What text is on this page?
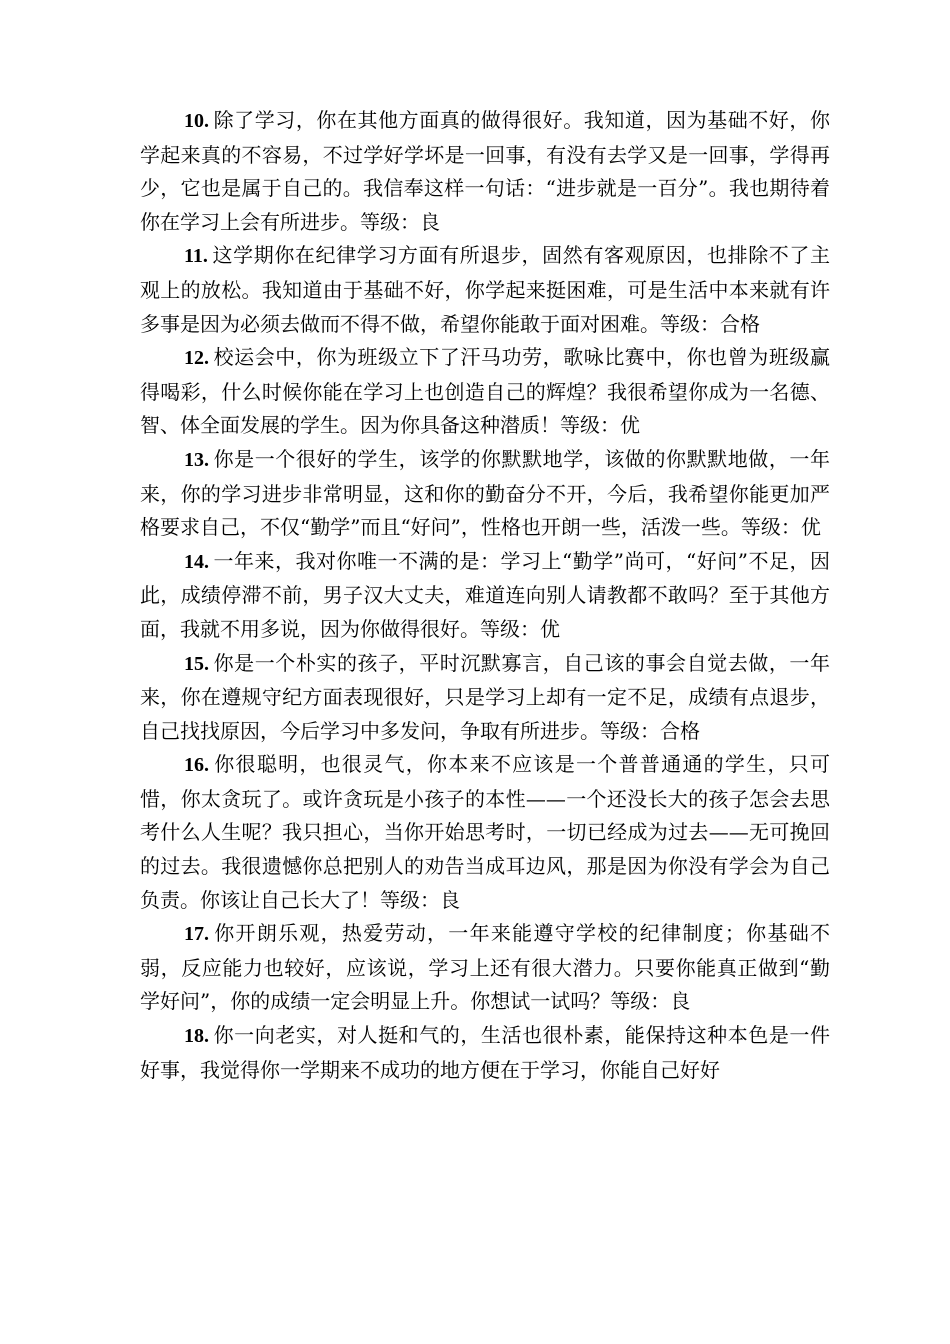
10. 除了学习，你在其他方面真的做得很好。我知道，因为基础不好，你学起来真的不容易，不过学好学坏是一回事，有没有去学又是一回事，学得再少，它也是属于自己的。我信奉这样一句话：“进步就是一百分”。我也期待着你在学习上会有所进步。等级：良

11. 这学期你在纪律学习方面有所退步，固然有客观原因，也排除不了主观上的放松。我知道由于基础不好，你学起来挺困难，可是生活中本来就有许多事是因为必须去做而不得不做，希望你能敢于面对困难。等级：合格

12. 校运会中，你为班级立下了汗马功劳，歌咏比赛中，你也曾为班级赢得喝彩，什么时候你能在学习上也创造自己的辉煌？我很希望你成为一名德、智、体全面发展的学生。因为你具备这种潜质！等级：优

13. 你是一个很好的学生，该学的你默默地学，该做的你默默地做，一年来，你的学习进步非常明显，这和你的勤奋分不开，今后，我希望你能更加严格要求自己，不仅“勤学”而且“好问”，性格也开朗一些，活泼一些。等级：优

14. 一年来，我对你唯一不满的是：学习上“勤学”尚可，“好问”不足，因此，成绩停滞不前，男子汉大丈夫，难道连向别人请教都不敢吗？至于其他方面，我就不用多说，因为你做得很好。等级：优

15. 你是一个朴实的孩子，平时沉默寡言，自己该的事会自觉去做，一年来，你在遵规守纪方面表现很好，只是学习上却有一定不足，成绩有点退步，自己找找原因，今后学习中多发问，争取有所进步。等级：合格

16. 你很聪明，也很灵气，你本来不应该是一个普普通通的学生，只可惜，你太贪玩了。或许贪玩是小孩子的本性——一个还没长大的孩子怎会去思考什么人生呢？我只担心，当你开始思考时，一切已经成为过去——无可挽回的过去。我很遗憾你总把别人的劝告当成耳边风，那是因为你没有学会为自己负责。你该让自己长大了！等级：良

17. 你开朗乐观，热爱劳动，一年来能遵守学校的纪律制度；你基础不弱，反应能力也较好，应该说，学习上还有很大潜力。只要你能真正做到“勤学好问”，你的成绩一定会明显上升。你想试一试吗？等级：良

18. 你一向老实，对人挺和气的，生活也很朴素，能保持这种本色是一件好事，我觉得你一学期来不成功的地方便在于学习，你能自己好好
